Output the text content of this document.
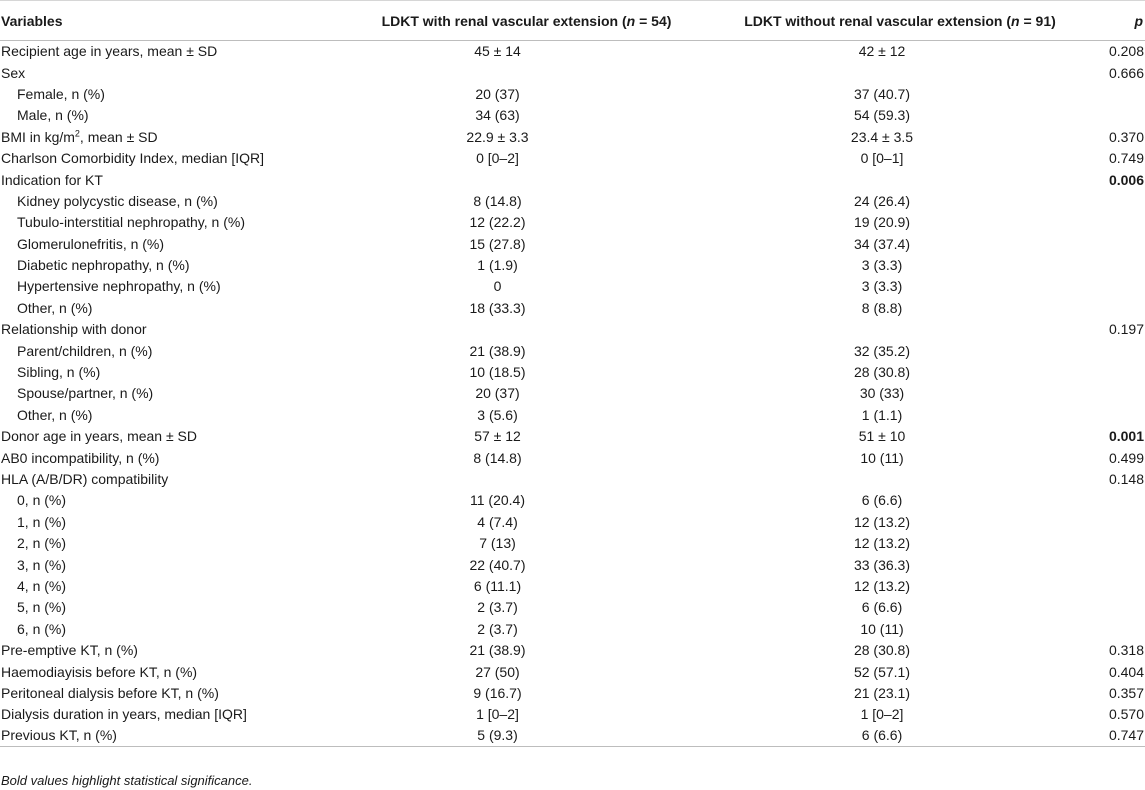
Variables	LDKT with renal vascular extension (n = 54)	LDKT without renal vascular extension (n = 91)	p
Recipient age in years, mean ± SD	45 ± 14	42 ± 12	0.208
Sex			0.666
Female, n (%)	20 (37)	37 (40.7)	
Male, n (%)	34 (63)	54 (59.3)	
BMI in $kg/m^2$, mean ± SD	22.9 ± 3.3	23.4 ± 3.5	0.370
Charlson Comorbidity Index, median [IQR]	0 [0–2]	0 [0–1]	0.749
Indication for KT			0.006
Kidney polycystic disease, n (%)	8 (14.8)	24 (26.4)	
Tubulo-interstitial nephropathy, n (%)	12 (22.2)	19 (20.9)	
Glomerulonefritis, n (%)	15 (27.8)	34 (37.4)	
Diabetic nephropathy, n (%)	1 (1.9)	3 (3.3)	
Hypertensive nephropathy, n (%)	0	3 (3.3)	
Other, n (%)	18 (33.3)	8 (8.8)	
Relationship with donor			0.197
Parent/children, n (%)	21 (38.9)	32 (35.2)	
Sibling, n (%)	10 (18.5)	28 (30.8)	
Spouse/partner, n (%)	20 (37)	30 (33)	
Other, n (%)	3 (5.6)	1 (1.1)	
Donor age in years, mean ± SD	57 ± 12	51 ± 10	0.001
AB0 incompatibility, n (%)	8 (14.8)	10 (11)	0.499
HLA (A/B/DR) compatibility			0.148
0, n (%)	11 (20.4)	6 (6.6)	
1, n (%)	4 (7.4)	12 (13.2)	
2, n (%)	7 (13)	12 (13.2)	
3, n (%)	22 (40.7)	33 (36.3)	
4, n (%)	6 (11.1)	12 (13.2)	
5, n (%)	2 (3.7)	6 (6.6)	
6, n (%)	2 (3.7)	10 (11)	
Pre-emptive KT, n (%)	21 (38.9)	28 (30.8)	0.318
Haemodiayisis before KT, n (%)	27 (50)	52 (57.1)	0.404
Peritoneal dialysis before KT, n (%)	9 (16.7)	21 (23.1)	0.357
Dialysis duration in years, median [IQR]	1 [0–2]	1 [0–2]	0.570
Previous KT, n (%)	5 (9.3)	6 (6.6)	0.747
Bold values highlight statistical significance.
